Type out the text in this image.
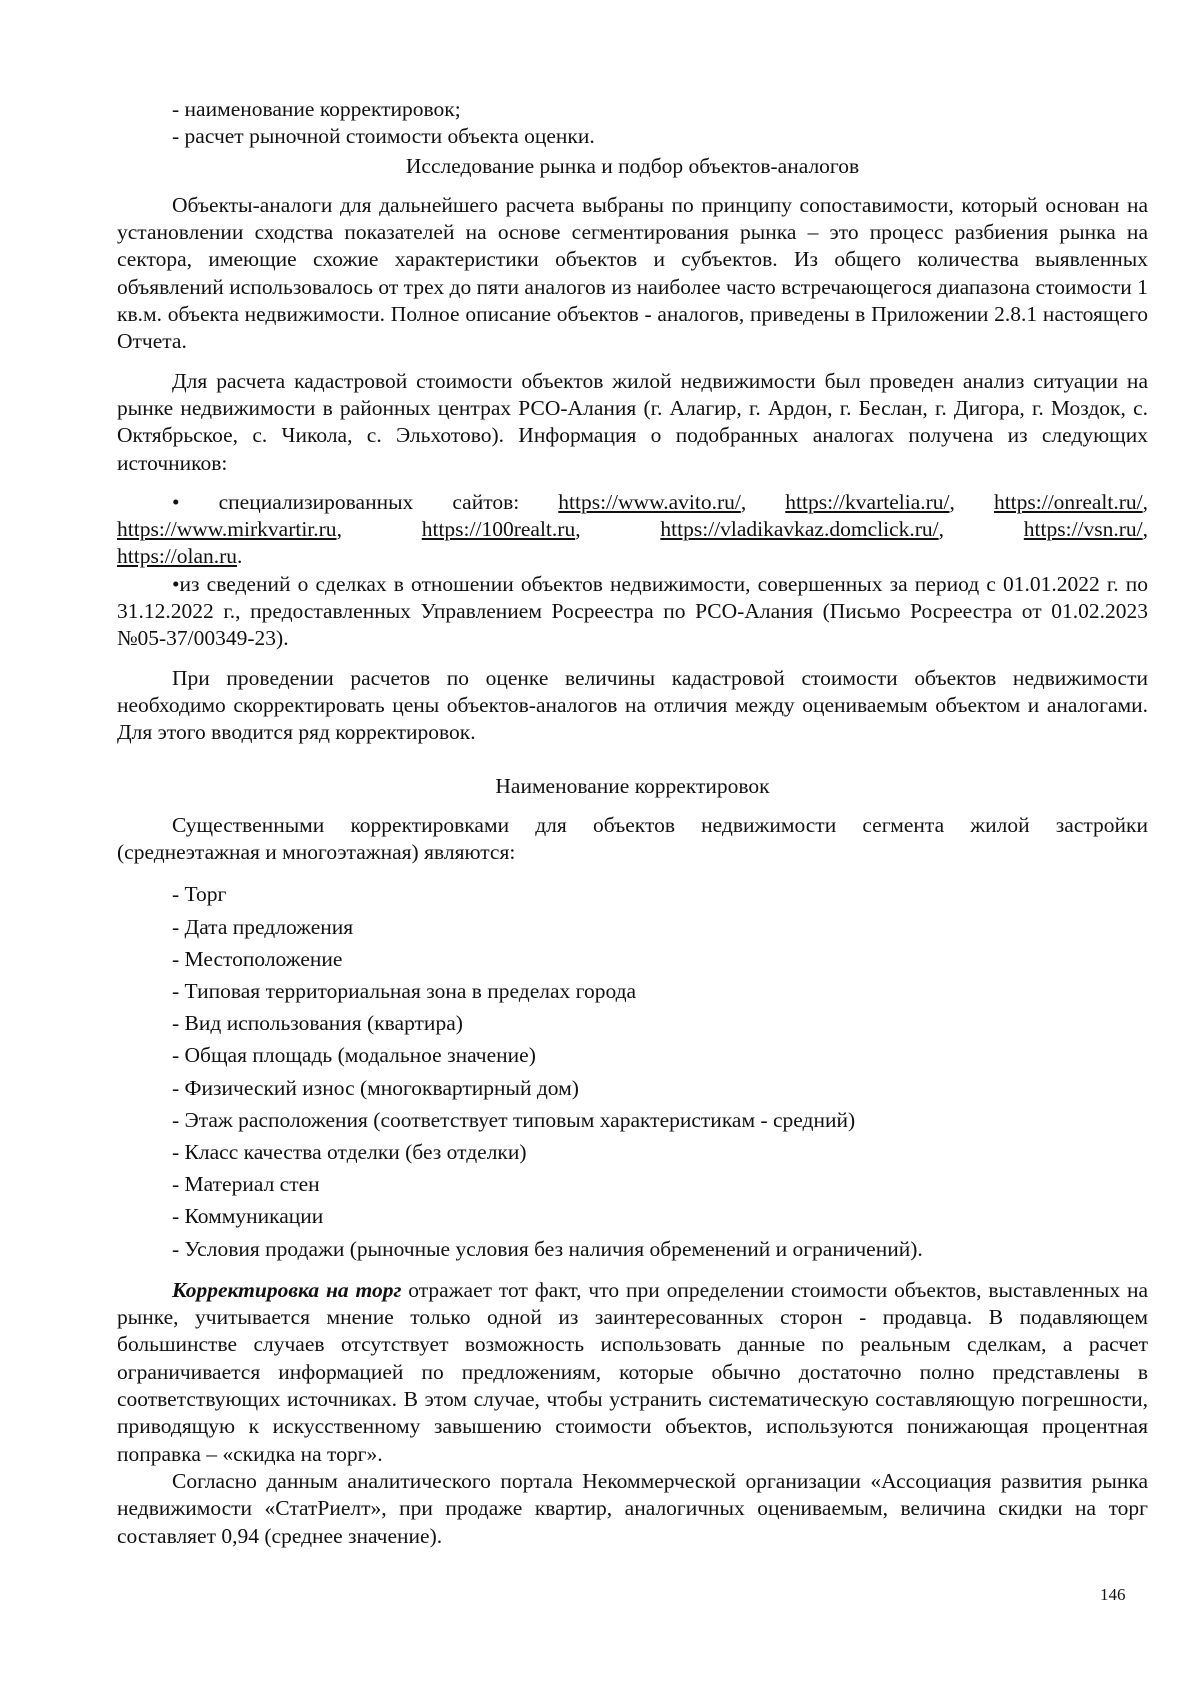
- наименование корректировок;

- расчет рыночной стоимости объекта оценки.

Исследование рынка и подбор объектов-аналогов

Объекты-аналоги для дальнейшего расчета выбраны по принципу сопоставимости, который основан на установлении сходства показателей на основе сегментирования рынка – это процесс разбиения рынка на сектора, имеющие схожие характеристики объектов и субъектов. Из общего количества выявленных объявлений использовалось от трех до пяти аналогов из наиболее часто встречающегося диапазона стоимости 1 кв.м. объекта недвижимости. Полное описание объектов - аналогов, приведены в Приложении 2.8.1 настоящего Отчета.

Для расчета кадастровой стоимости объектов жилой недвижимости был проведен анализ ситуации на рынке недвижимости в районных центрах РСО-Алания (г. Алагир, г. Ардон, г. Беслан, г. Дигора, г. Моздок, с. Октябрьское, с. Чикола, с. Эльхотово). Информация о подобранных аналогах получена из следующих источников:

• специализированных сайтов: https://www.avito.ru/, https://kvartelia.ru/, https://onrealt.ru/,

https://www.mirkvartir.ru,	https://100realt.ru,	https://vladikavkaz.domclick.ru/,	https://vsn.ru/,

https://olan.ru.

•из сведений о сделках в отношении объектов недвижимости, совершенных за период с 01.01.2022 г. по 31.12.2022 г., предоставленных Управлением Росреестра по РСО-Алания (Письмо Росреестра от 01.02.2023 №05-37/00349-23).

При проведении расчетов по оценке величины кадастровой стоимости объектов недвижимости необходимо скорректировать цены объектов-аналогов на отличия между оцениваемым объектом и аналогами. Для этого вводится ряд корректировок.

Наименование корректировок

Существенными корректировками для объектов недвижимости сегмента жилой застройки (среднеэтажная и многоэтажная) являются:

- Торг

- Дата предложения

- Местоположение

- Типовая территориальная зона в пределах города

- Вид использования (квартира)

- Общая площадь (модальное значение)

- Физический износ (многоквартирный дом)

- Этаж расположения (соответствует типовым характеристикам - средний)

- Класс качества отделки (без отделки)

- Материал стен

- Коммуникации

- Условия продажи (рыночные условия без наличия обременений и ограничений).

Корректировка на торг отражает тот факт, что при определении стоимости объектов, выставленных на рынке, учитывается мнение только одной из заинтересованных сторон - продавца. В подавляющем большинстве случаев отсутствует возможность использовать данные по реальным сделкам, а расчет ограничивается информацией по предложениям, которые обычно достаточно полно представлены в соответствующих источниках. В этом случае, чтобы устранить систематическую составляющую погрешности, приводящую к искусственному завышению стоимости объектов, используются понижающая процентная поправка – «скидка на торг».

Согласно данным аналитического портала Некоммерческой организации «Ассоциация развития рынка недвижимости «СтатРиелт», при продаже квартир, аналогичных оцениваемым, величина скидки на торг составляет 0,94 (среднее значение).

146
